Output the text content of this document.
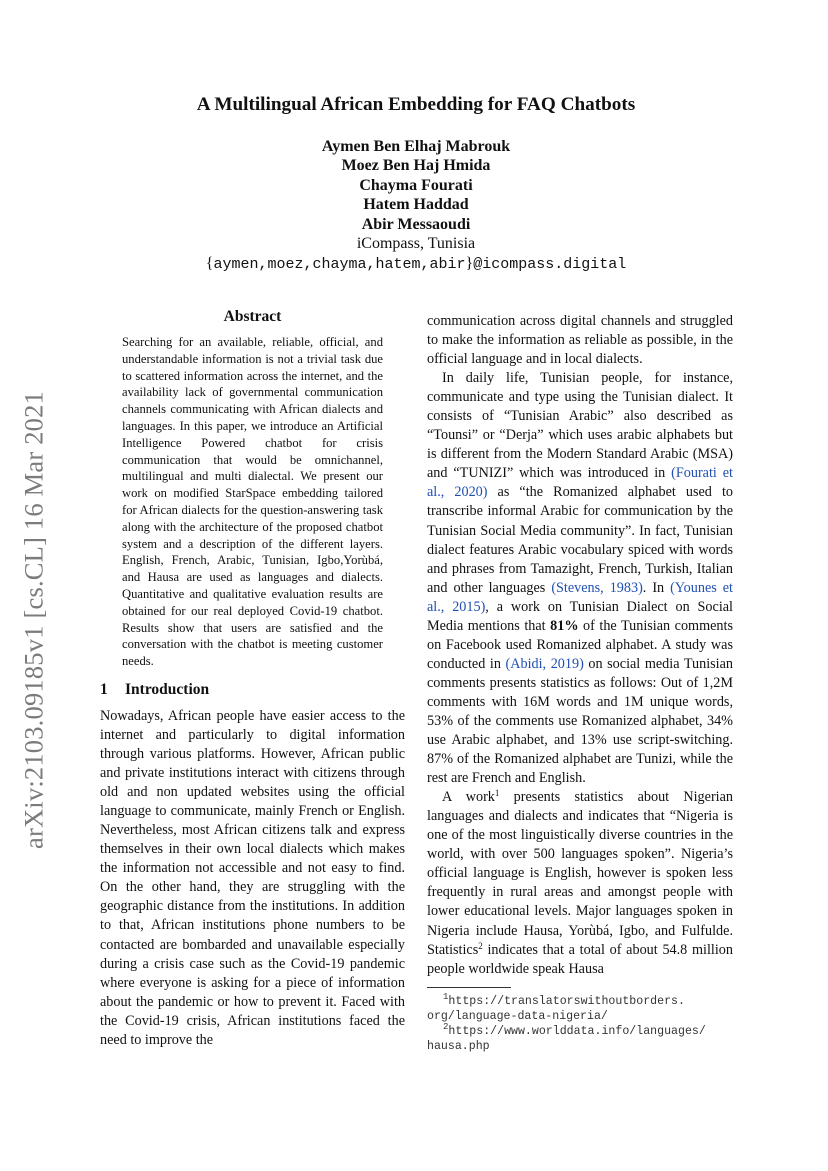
arXiv:2103.09185v1 [cs.CL] 16 Mar 2021
A Multilingual African Embedding for FAQ Chatbots
Aymen Ben Elhaj Mabrouk
Moez Ben Haj Hmida
Chayma Fourati
Hatem Haddad
Abir Messaoudi
iCompass, Tunisia
{aymen,moez,chayma,hatem,abir}@icompass.digital
Abstract

Searching for an available, reliable, official, and understandable information is not a trivial task due to scattered information across the internet, and the availability lack of governmental communication channels communicating with African dialects and languages. In this paper, we introduce an Artificial Intelligence Powered chatbot for crisis communication that would be omnichannel, multilingual and multi dialectal. We present our work on modified StarSpace embedding tailored for African dialects for the question-answering task along with the architecture of the proposed chatbot system and a description of the different layers. English, French, Arabic, Tunisian, Igbo,Yorùbá, and Hausa are used as languages and dialects. Quantitative and qualitative evaluation results are obtained for our real deployed Covid-19 chatbot. Results show that users are satisfied and the conversation with the chatbot is meeting customer needs.

1 Introduction

Nowadays, African people have easier access to the internet and particularly to digital information through various platforms. However, African public and private institutions interact with citizens through old and non updated websites using the official language to communicate, mainly French or English. Nevertheless, most African citizens talk and express themselves in their own local dialects which makes the information not accessible and not easy to find. On the other hand, they are struggling with the geographic distance from the institutions. In addition to that, African institutions phone numbers to be contacted are bombarded and unavailable especially during a crisis case such as the Covid-19 pandemic where everyone is asking for a piece of information about the pandemic or how to prevent it. Faced with the Covid-19 crisis, African institutions faced the need to improve the

communication across digital channels and struggled to make the information as reliable as possible, in the official language and in local dialects.

In daily life, Tunisian people, for instance, communicate and type using the Tunisian dialect. It consists of “Tunisian Arabic” also described as “Tounsi” or “Derja” which uses arabic alphabets but is different from the Modern Standard Arabic (MSA) and “TUNIZI” which was introduced in (Fourati et al., 2020) as “the Romanized alphabet used to transcribe informal Arabic for communication by the Tunisian Social Media community”. In fact, Tunisian dialect features Arabic vocabulary spiced with words and phrases from Tamazight, French, Turkish, Italian and other languages (Stevens, 1983). In (Younes et al., 2015), a work on Tunisian Dialect on Social Media mentions that 81% of the Tunisian comments on Facebook used Romanized alphabet. A study was conducted in (Abidi, 2019) on social media Tunisian comments presents statistics as follows: Out of 1,2M comments with 16M words and 1M unique words, 53% of the comments use Romanized alphabet, 34% use Arabic alphabet, and 13% use script-switching. 87% of the Romanized alphabet are Tunizi, while the rest are French and English.

A work$^1$ presents statistics about Nigerian languages and dialects and indicates that “Nigeria is one of the most linguistically diverse countries in the world, with over 500 languages spoken”. Nigeria’s official language is English, however is spoken less frequently in rural areas and amongst people with lower educational levels. Major languages spoken in Nigeria include Hausa, Yorùbá, Igbo, and Fulfulde. Statistics$^2$ indicates that a total of about 54.8 million people worldwide speak Hausa

$^1$https://translatorswithoutborders.

org/language-data-nigeria/

$^2$https://www.worlddata.info/languages/

hausa.php
